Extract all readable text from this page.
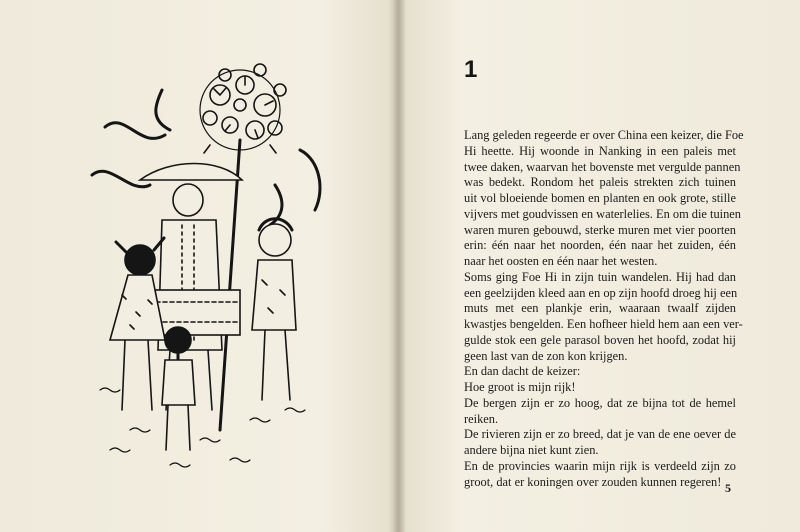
1
Lang geleden regeerde er over China een keizer, die Foe
Hi heette. Hij woonde in Nanking in een paleis met
twee daken, waarvan het bovenste met vergulde pannen
was bedekt. Rondom het paleis strekten zich tuinen
uit vol bloeiende bomen en planten en ook grote, stille
vijvers met goudvissen en waterlelies. En om die tuinen
waren muren gebouwd, sterke muren met vier poorten
erin: één naar het noorden, één naar het zuiden, één
naar het oosten en één naar het westen.
Soms ging Foe Hi in zijn tuin wandelen. Hij had dan
een geelzijden kleed aan en op zijn hoofd droeg hij een
muts met een plankje erin, waaraan twaalf zijden
kwastjes bengelden. Een hofheer hield hem aan een ver-
gulde stok een gele parasol boven het hoofd, zodat hij
geen last van de zon kon krijgen.
En dan dacht de keizer:
Hoe groot is mijn rijk!
De bergen zijn er zo hoog, dat ze bijna tot de hemel
reiken.
De rivieren zijn er zo breed, dat je van de ene oever de
andere bijna niet kunt zien.
En de provincies waarin mijn rijk is verdeeld zijn zo
groot, dat er koningen over zouden kunnen regeren! 5
